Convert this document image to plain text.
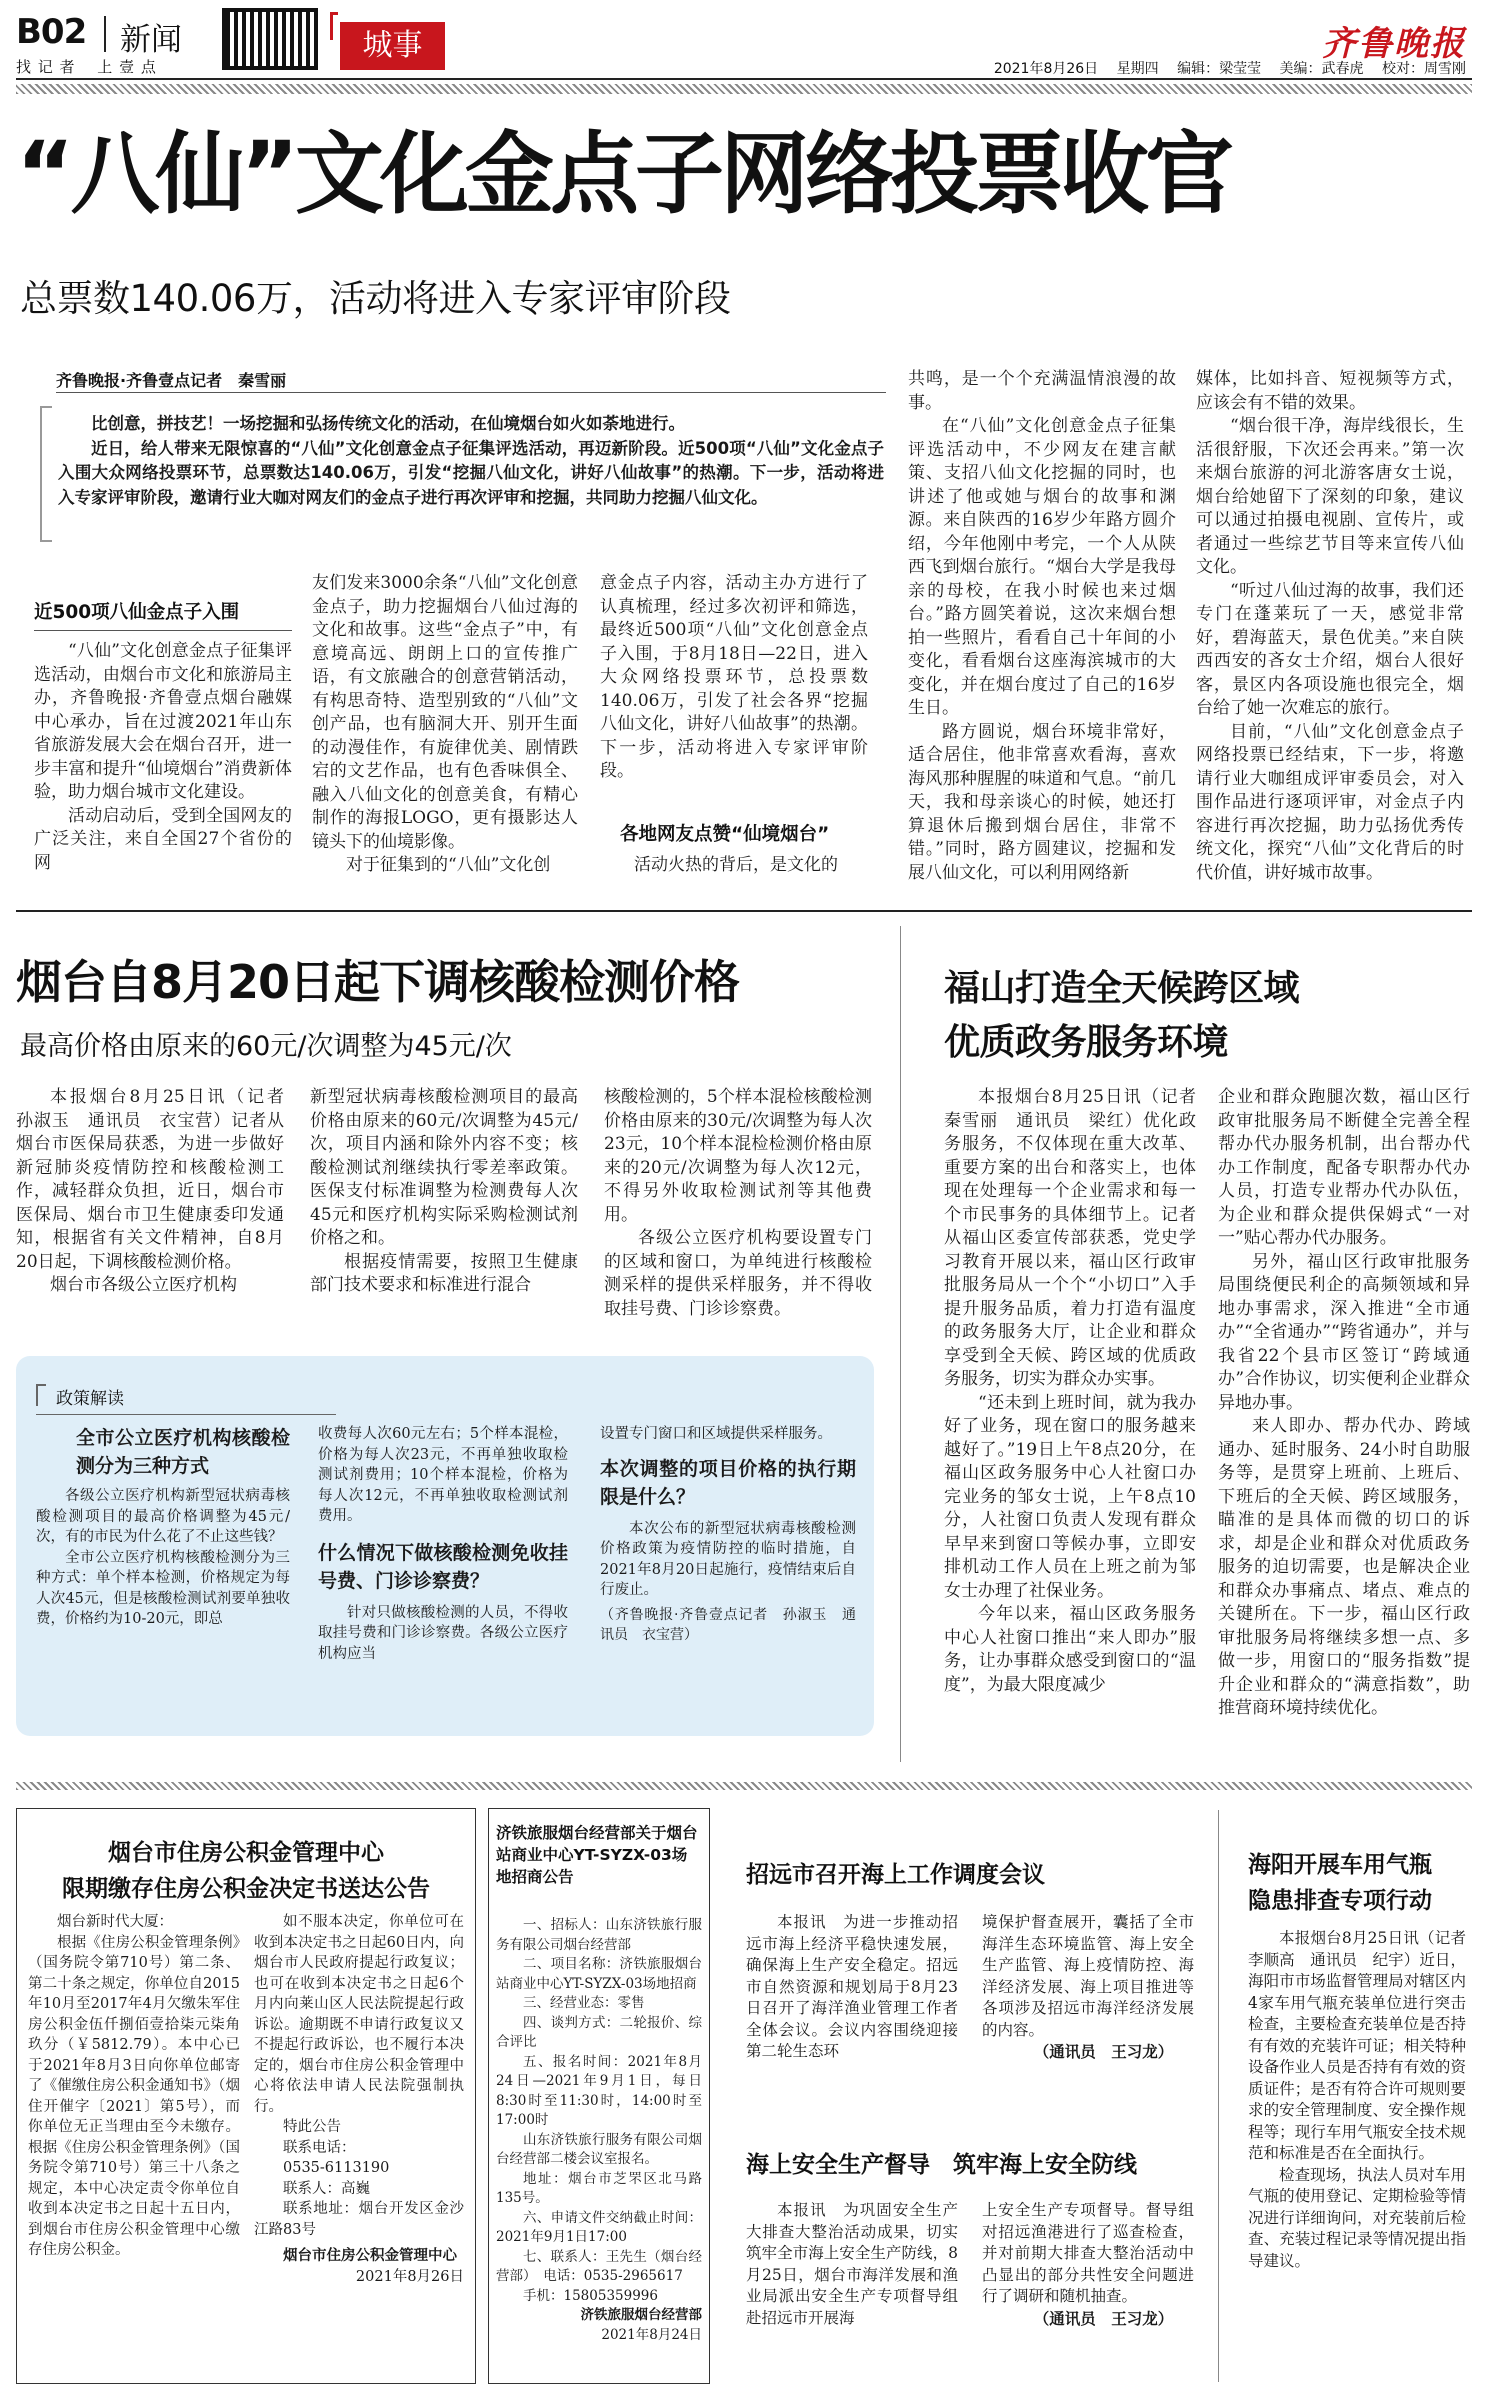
B02 新闻
找 记 者　 上 壹 点
城事	齐鲁晚报
2021年8月26日　 星期四　 编辑：梁莹莹　 美编：武春虎　 校对：周雪刚
“八仙”文化金点子网络投票收官
总票数140.06万，活动将进入专家评审阶段
齐鲁晚报·齐鲁壹点记者　秦雪丽

比创意，拼技艺！一场挖掘和弘扬传统文化的活动，在仙境烟台如火如荼地进行。

近日，给人带来无限惊喜的“八仙”文化创意金点子征集评选活动，再迈新阶段。近500项“八仙”文化金点子入围大众网络投票环节，总票数达140.06万，引发“挖掘八仙文化，讲好八仙故事”的热潮。下一步，活动将进入专家评审阶段，邀请行业大咖对网友们的金点子进行再次评审和挖掘，共同助力挖掘八仙文化。

近500项八仙金点子入围

“八仙”文化创意金点子征集评选活动，由烟台市文化和旅游局主办，齐鲁晚报·齐鲁壹点烟台融媒中心承办，旨在过渡2021年山东省旅游发展大会在烟台召开，进一步丰富和提升“仙境烟台”消费新体验，助力烟台城市文化建设。

活动启动后，受到全国网友的广泛关注，来自全国27个省份的网

友们发来3000余条“八仙”文化创意金点子，助力挖掘烟台八仙过海的文化和故事。这些“金点子”中，有意境高远、朗朗上口的宣传推广语，有文旅融合的创意营销活动，有构思奇特、造型别致的“八仙”文创产品，也有脑洞大开、别开生面的动漫佳作，有旋律优美、剧情跌宕的文艺作品，也有色香味俱全、融入八仙文化的创意美食，有精心制作的海报LOGO，更有摄影达人镜头下的仙境影像。

对于征集到的“八仙”文化创

意金点子内容，活动主办方进行了认真梳理，经过多次初评和筛选，最终近500项“八仙”文化创意金点子入围，于8月18日—22日，进入大众网络投票环节，总投票数140.06万，引发了社会各界“挖掘八仙文化，讲好八仙故事”的热潮。下一步，活动将进入专家评审阶段。

各地网友点赞“仙境烟台”

活动火热的背后，是文化的

共鸣，是一个个充满温情浪漫的故事。

在“八仙”文化创意金点子征集评选活动中，不少网友在建言献策、支招八仙文化挖掘的同时，也讲述了他或她与烟台的故事和渊源。来自陕西的16岁少年路方圆介绍，今年他刚中考完，一个人从陕西飞到烟台旅行。“烟台大学是我母亲的母校，在我小时候也来过烟台。”路方圆笑着说，这次来烟台想拍一些照片，看看自己十年间的小变化，看看烟台这座海滨城市的大变化，并在烟台度过了自己的16岁生日。

路方圆说，烟台环境非常好，适合居住，他非常喜欢看海，喜欢海风那种腥腥的味道和气息。“前几天，我和母亲谈心的时候，她还打算退休后搬到烟台居住，非常不错。”同时，路方圆建议，挖掘和发展八仙文化，可以利用网络新

媒体，比如抖音、短视频等方式，应该会有不错的效果。

“烟台很干净，海岸线很长，生活很舒服，下次还会再来。”第一次来烟台旅游的河北游客唐女士说，烟台给她留下了深刻的印象，建议可以通过拍摄电视剧、宣传片，或者通过一些综艺节目等来宣传八仙文化。

“听过八仙过海的故事，我们还专门在蓬莱玩了一天，感觉非常好，碧海蓝天，景色优美。”来自陕西西安的吝女士介绍，烟台人很好客，景区内各项设施也很完全，烟台给了她一次难忘的旅行。

目前，“八仙”文化创意金点子网络投票已经结束，下一步，将邀请行业大咖组成评审委员会，对入围作品进行逐项评审，对金点子内容进行再次挖掘，助力弘扬优秀传统文化，探究“八仙”文化背后的时代价值，讲好城市故事。

烟台自8月20日起下调核酸检测价格
最高价格由原来的60元/次调整为45元/次

本报烟台8月25日讯（记者　孙淑玉　通讯员　衣宝营）记者从烟台市医保局获悉，为进一步做好新冠肺炎疫情防控和核酸检测工作，减轻群众负担，近日，烟台市医保局、烟台市卫生健康委印发通知，根据省有关文件精神，自8月20日起，下调核酸检测价格。

烟台市各级公立医疗机构

新型冠状病毒核酸检测项目的最高价格由原来的60元/次调整为45元/次，项目内涵和除外内容不变；核酸检测试剂继续执行零差率政策。医保支付标准调整为检测费每人次45元和医疗机构实际采购检测试剂价格之和。

根据疫情需要，按照卫生健康部门技术要求和标准进行混合

核酸检测的，5个样本混检核酸检测价格由原来的30元/次调整为每人次23元，10个样本混检检测价格由原来的20元/次调整为每人次12元，不得另外收取检测试剂等其他费用。

各级公立医疗机构要设置专门的区域和窗口，为单纯进行核酸检测采样的提供采样服务，并不得收取挂号费、门诊诊察费。

政策解读
全市公立医疗机构核酸检测分为三种方式

各级公立医疗机构新型冠状病毒核酸检测项目的最高价格调整为45元/次，有的市民为什么花了不止这些钱？

全市公立医疗机构核酸检测分为三种方式：单个样本检测，价格规定为每人次45元，但是核酸检测试剂要单独收费，价格约为10-20元，即总

收费每人次60元左右；5个样本混检，价格为每人次23元，不再单独收取检测试剂费用；10个样本混检，价格为每人次12元，不再单独收取检测试剂费用。

什么情况下做核酸检测免收挂号费、门诊诊察费？

针对只做核酸检测的人员，不得收取挂号费和门诊诊察费。各级公立医疗机构应当

设置专门窗口和区域提供采样服务。

本次调整的项目价格的执行期限是什么？

本次公布的新型冠状病毒核酸检测价格政策为疫情防控的临时措施，自2021年8月20日起施行，疫情结束后自行废止。

（齐鲁晚报·齐鲁壹点记者　孙淑玉　通讯员　衣宝营）

福山打造全天候跨区域
优质政务服务环境

本报烟台8月25日讯（记者　秦雪丽　通讯员　梁红）优化政务服务，不仅体现在重大改革、重要方案的出台和落实上，也体现在处理每一个企业需求和每一个市民事务的具体细节上。记者从福山区委宣传部获悉，党史学习教育开展以来，福山区行政审批服务局从一个个“小切口”入手提升服务品质，着力打造有温度的政务服务大厅，让企业和群众享受到全天候、跨区域的优质政务服务，切实为群众办实事。

“还未到上班时间，就为我办好了业务，现在窗口的服务越来越好了。”19日上午8点20分，在福山区政务服务中心人社窗口办完业务的邹女士说，上午8点10分，人社窗口负责人发现有群众早早来到窗口等候办事，立即安排机动工作人员在上班之前为邹女士办理了社保业务。

今年以来，福山区政务服务中心人社窗口推出“来人即办”服务，让办事群众感受到窗口的“温度”，为最大限度减少

企业和群众跑腿次数，福山区行政审批服务局不断健全完善全程帮办代办服务机制，出台帮办代办工作制度，配备专职帮办代办人员，打造专业帮办代办队伍，为企业和群众提供保姆式“一对一”贴心帮办代办服务。

另外，福山区行政审批服务局围绕便民利企的高频领域和异地办事需求，深入推进“全市通办”“全省通办”“跨省通办”，并与我省22个县市区签订“跨域通办”合作协议，切实便利企业群众异地办事。

来人即办、帮办代办、跨域通办、延时服务、24小时自助服务等，是贯穿上班前、上班后、下班后的全天候、跨区域服务，瞄准的是具体而微的切口的诉求，却是企业和群众对优质政务服务的迫切需要，也是解决企业和群众办事痛点、堵点、难点的关键所在。下一步，福山区行政审批服务局将继续多想一点、多做一步，用窗口的“服务指数”提升企业和群众的“满意指数”，助推营商环境持续优化。

烟台市住房公积金管理中心
限期缴存住房公积金决定书送达公告

烟台新时代大厦：

根据《住房公积金管理条例》（国务院令第710号）第二条、第二十条之规定，你单位自2015年10月至2017年4月欠缴朱军住房公积金伍仟捌佰壹拾柒元柒角玖分（￥5812.79）。本中心已于2021年8月3日向你单位邮寄了《催缴住房公积金通知书》（烟住开催字〔2021〕第5号），而你单位无正当理由至今未缴存。根据《住房公积金管理条例》（国务院令第710号）第三十八条之规定，本中心决定责令你单位自收到本决定书之日起十五日内，到烟台市住房公积金管理中心缴存住房公积金。

如不服本决定，你单位可在收到本决定书之日起60日内，向烟台市人民政府提起行政复议；也可在收到本决定书之日起6个月内向莱山区人民法院提起行政诉讼。逾期既不申请行政复议又不提起行政诉讼，也不履行本决定的，烟台市住房公积金管理中心将依法申请人民法院强制执行。

特此公告

联系电话：

0535-6113190

联系人：高巍

联系地址：烟台开发区金沙江路83号

烟台市住房公积金管理中心

2021年8月26日

济铁旅服烟台经营部关于烟台站商业中心YT-SYZX-03场地招商公告

一、招标人：山东济铁旅行服务有限公司烟台经营部

二、项目名称：济铁旅服烟台站商业中心YT-SYZX-03场地招商

三、经营业态：零售

四、谈判方式：二轮报价、综合评比

五、报名时间：2021年8月24日—2021年9月1日，每日8:30时至11:30时，14:00时至17:00时

山东济铁旅行服务有限公司烟台经营部二楼会议室报名。

地址：烟台市芝罘区北马路135号。

六、申请文件交纳截止时间：2021年9月1日17:00

七、联系人：王先生（烟台经营部）　电话：0535-2965617

手机：15805359996

济铁旅服烟台经营部

2021年8月24日

招远市召开海上工作调度会议

本报讯　为进一步推动招远市海上经济平稳快速发展，确保海上生产安全稳定。招远市自然资源和规划局于8月23日召开了海洋渔业管理工作者全体会议。会议内容围绕迎接第二轮生态环

境保护督查展开，囊括了全市海洋生态环境监管、海上安全生产监管、海上疫情防控、海洋经济发展、海上项目推进等各项涉及招远市海洋经济发展的内容。

（通讯员　王习龙）

海上安全生产督导　筑牢海上安全防线

本报讯　为巩固安全生产大排查大整治活动成果，切实筑牢全市海上安全生产防线，8月25日，烟台市海洋发展和渔业局派出安全生产专项督导组赴招远市开展海

上安全生产专项督导。督导组对招远渔港进行了巡查检查，并对前期大排查大整治活动中凸显出的部分共性安全问题进行了调研和随机抽查。

（通讯员　王习龙）

海阳开展车用气瓶
隐患排查专项行动

本报烟台8月25日讯（记者　李顺高　通讯员　纪宇）近日，海阳市市场监督管理局对辖区内4家车用气瓶充装单位进行突击检查，主要检查充装单位是否持有有效的充装许可证；相关特种设备作业人员是否持有有效的资质证件；是否有符合许可规则要求的安全管理制度、安全操作规程等；现行车用气瓶安全技术规范和标准是否在全面执行。

检查现场，执法人员对车用气瓶的使用登记、定期检验等情况进行详细询问，对充装前后检查、充装过程记录等情况提出指导建议。
